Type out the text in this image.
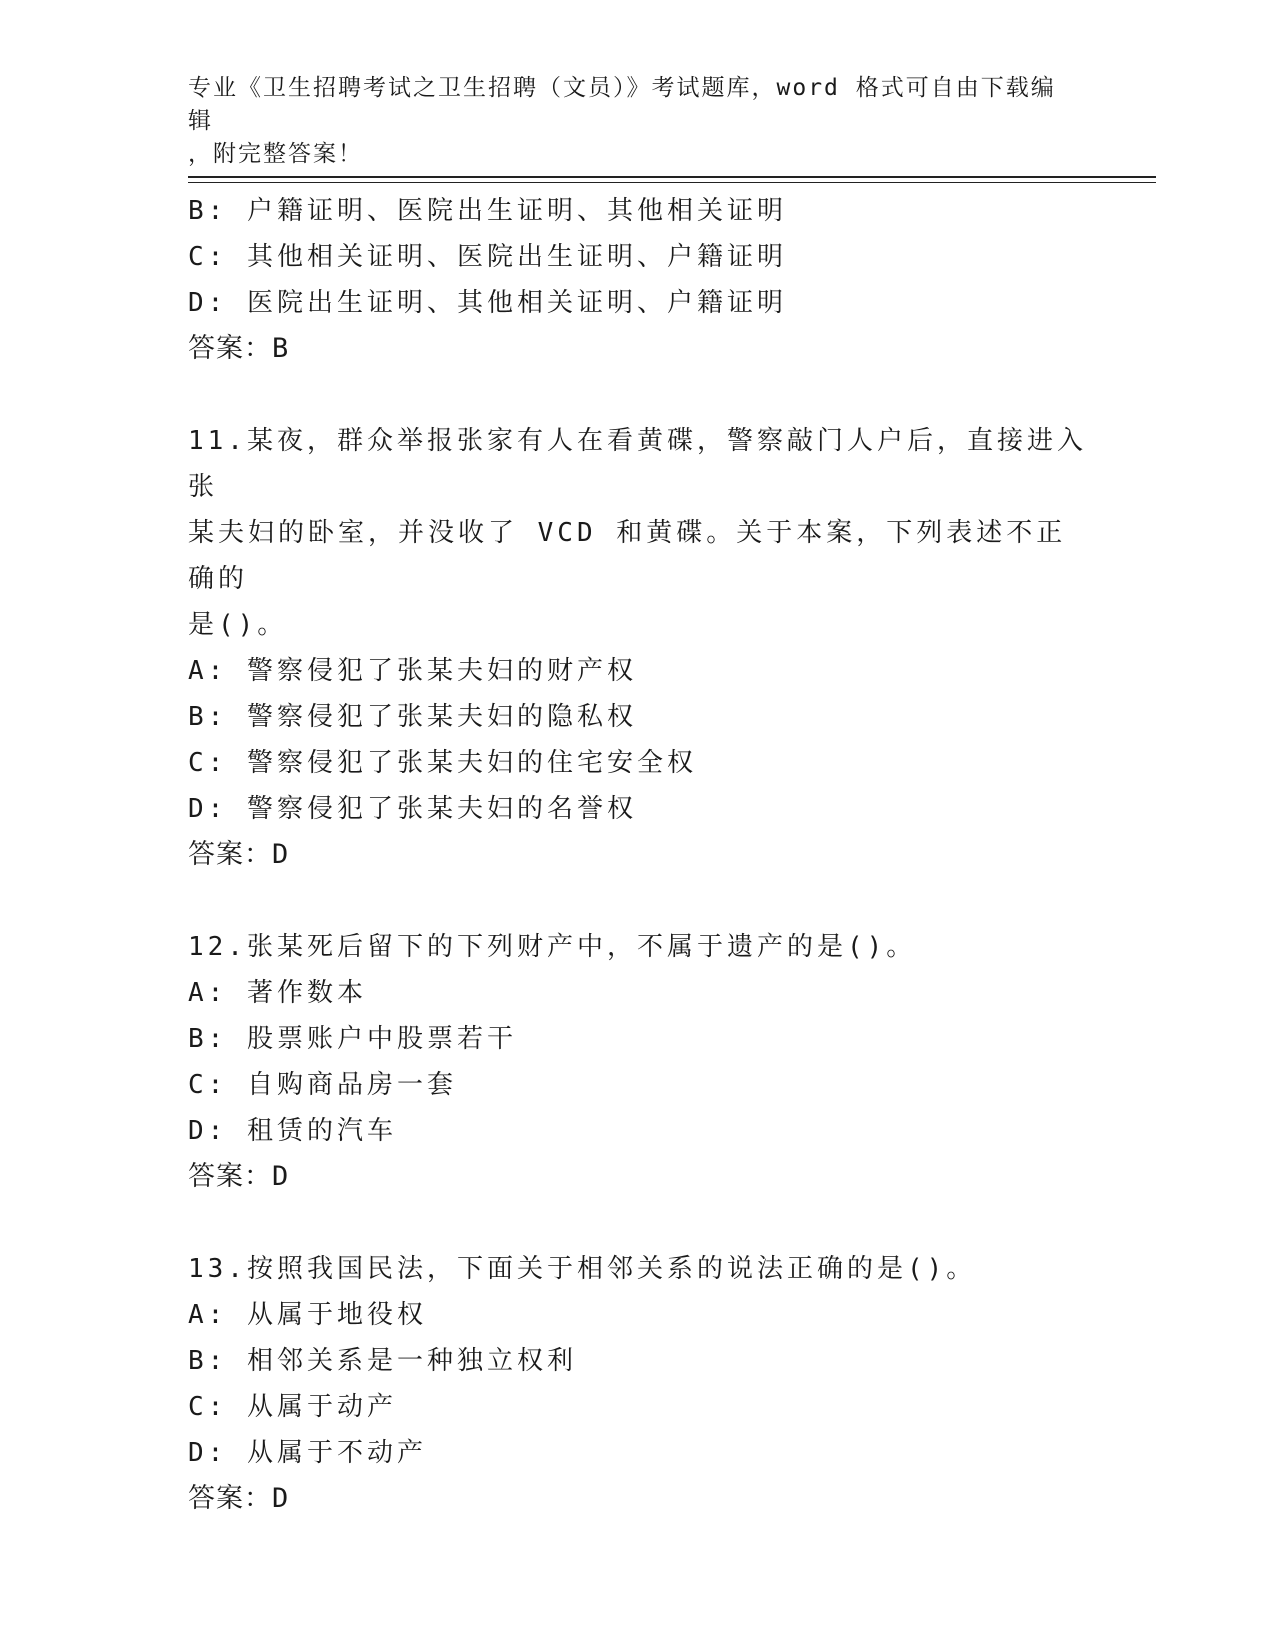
专业《卫生招聘考试之卫生招聘（文员）》考试题库，word 格式可自由下载编辑
，附完整答案！
B: 户籍证明、医院出生证明、其他相关证明
C: 其他相关证明、医院出生证明、户籍证明
D: 医院出生证明、其他相关证明、户籍证明
答案：B
11.某夜，群众举报张家有人在看黄碟，警察敲门人户后，直接进入张
某夫妇的卧室，并没收了 VCD 和黄碟。关于本案，下列表述不正确的
是()。
A: 警察侵犯了张某夫妇的财产权
B: 警察侵犯了张某夫妇的隐私权
C: 警察侵犯了张某夫妇的住宅安全权
D: 警察侵犯了张某夫妇的名誉权
答案：D
12.张某死后留下的下列财产中，不属于遗产的是()。
A: 著作数本
B: 股票账户中股票若干
C: 自购商品房一套
D: 租赁的汽车
答案：D
13.按照我国民法，下面关于相邻关系的说法正确的是()。
A: 从属于地役权
B: 相邻关系是一种独立权利
C: 从属于动产
D: 从属于不动产
答案：D
